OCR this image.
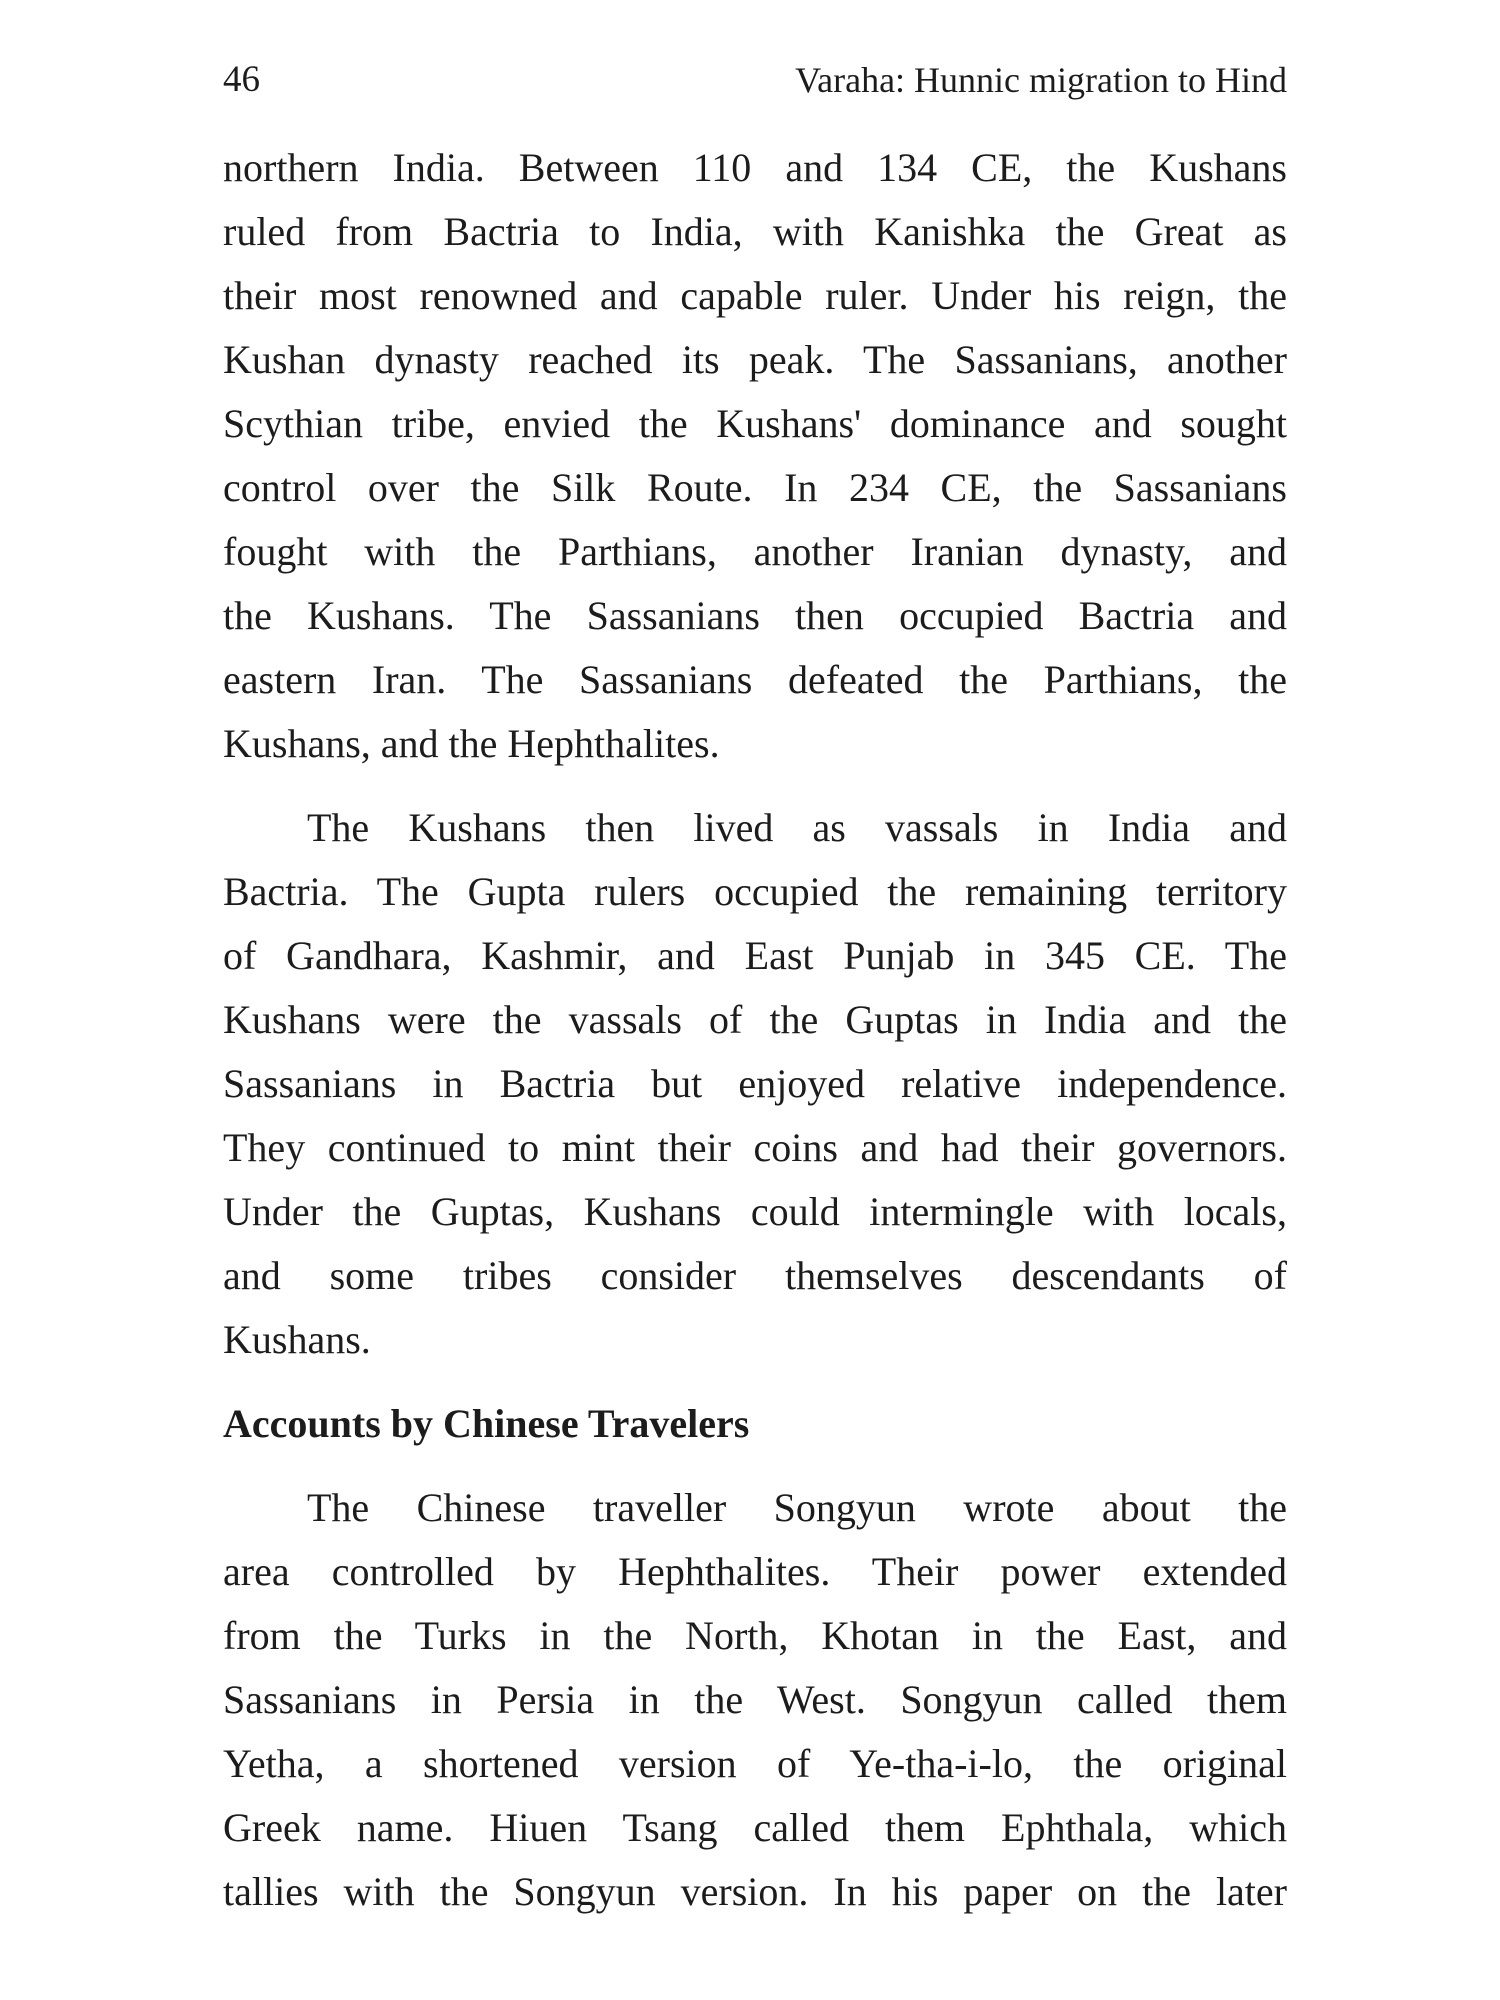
46	Varaha: Hunnic migration to Hind
northern India. Between 110 and 134 CE, the Kushans
ruled from Bactria to India, with Kanishka the Great as
their most renowned and capable ruler. Under his reign, the
Kushan dynasty reached its peak. The Sassanians, another
Scythian tribe, envied the Kushans' dominance and sought
control over the Silk Route. In 234 CE, the Sassanians
fought with the Parthians, another Iranian dynasty, and
the Kushans. The Sassanians then occupied Bactria and
eastern Iran. The Sassanians defeated the Parthians, the
Kushans, and the Hephthalites.
The Kushans then lived as vassals in India and
Bactria. The Gupta rulers occupied the remaining territory
of Gandhara, Kashmir, and East Punjab in 345 CE. The
Kushans were the vassals of the Guptas in India and the
Sassanians in Bactria but enjoyed relative independence.
They continued to mint their coins and had their governors.
Under the Guptas, Kushans could intermingle with locals,
and some tribes consider themselves descendants of
Kushans.
Accounts by Chinese Travelers
The Chinese traveller Songyun wrote about the
area controlled by Hephthalites. Their power extended
from the Turks in the North, Khotan in the East, and
Sassanians in Persia in the West. Songyun called them
Yetha, a shortened version of Ye-tha-i-lo, the original
Greek name. Hiuen Tsang called them Ephthala, which
tallies with the Songyun version. In his paper on the later
